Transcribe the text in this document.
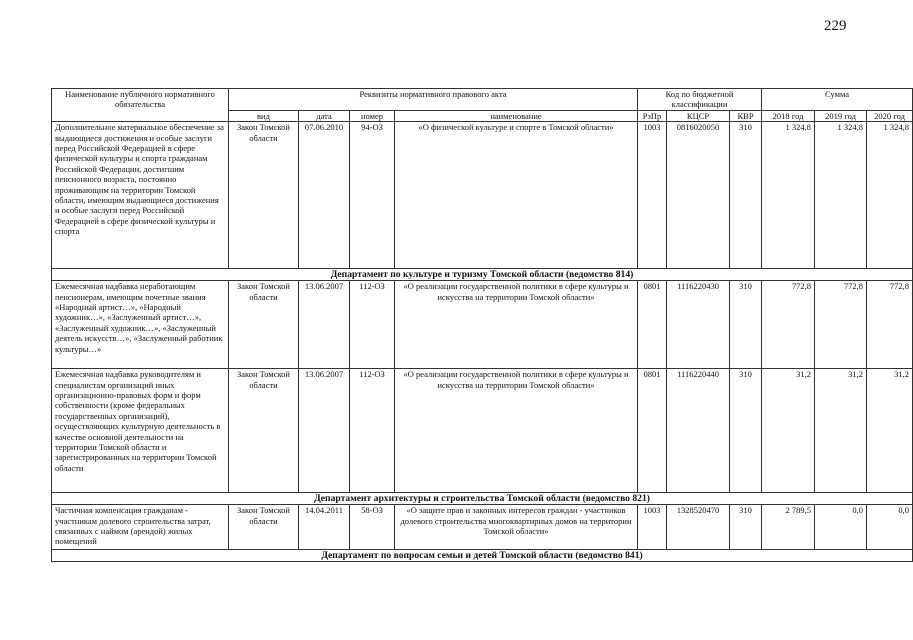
229
Наименование публичного нормативного обязательства	Реквизиты нормативного правового акта				Код по бюджетной классификации			Сумма		
	вид	дата	номер	наименование	РзПр	КЦСР	КВР	2018 год	2019 год	2020 год
Дополнительное материальное обеспечение за выдающиеся достижения и особые заслуги перед Российской Федерацией в сфере физической культуры и спорта гражданам Российской Федерации, достигшим пенсионного возраста, постоянно проживающим на территории Томской области, имеющим выдающиеся достижения и особые заслуги перед Российской Федерацией в сфере физической культуры и спорта	Закон Томской области	07.06.2010	94-ОЗ	«О физической культуре и спорте в Томской области»	1003	0816020050	310	1 324,8	1 324,8	1 324,8
Департамент по культуре и туризму Томской области (ведомство 814)										
Ежемесячная надбавка неработающим пенсионерам, имеющим почетные звания «Народный артист…», «Народный художник…», «Заслуженный артист…», «Заслуженный художник…», «Заслуженный деятель искусств…», «Заслуженный работник культуры…»	Закон Томской области	13.06.2007	112-ОЗ	«О реализации государственной политики в сфере культуры и искусства на территории Томской области»	0801	1116220430	310	772,8	772,8	772,8
Ежемесячная надбавка руководителям и специалистам организаций иных организационно-правовых форм и форм собственности (кроме федеральных государственных организаций), осуществляющих культурную деятельность в качестве основной деятельности на территории Томской области и зарегистрированных на территории Томской области	Закон Томской области	13.06.2007	112-ОЗ	«О реализации государственной политики в сфере культуры и искусства на территории Томской области»	0801	1116220440	310	31,2	31,2	31,2
Департамент архитектуры и строительства Томской области (ведомство 821)										
Частичная компенсация гражданам - участникам долевого строительства затрат, связанных с наймом (арендой) жилых помещений	Закон Томской области	14.04.2011	58-ОЗ	«О защите прав и законных интересов граждан - участников долевого строительства многоквартирных домов на территории Томской области»	1003	1328520470	310	2 789,5	0,0	0,0
Департамент по вопросам семьи и детей Томской области (ведомство 841)										
